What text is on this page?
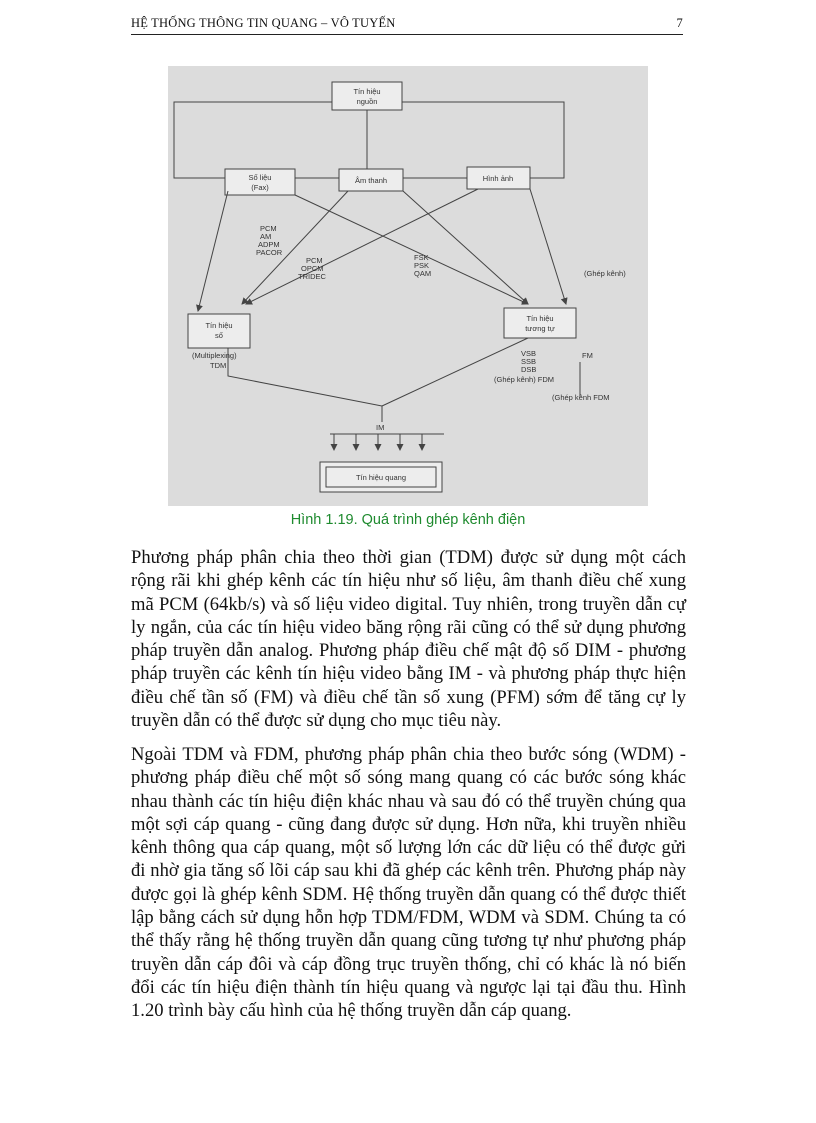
HỆ THỐNG THÔNG TIN QUANG – VÔ TUYẾN	7
Tín hiệu
nguồn
Số liệu
(Fax)
Âm thanh	Hình ảnh
PCM
AM
ADPM
PACOR
PCM
OPCM
TRIDEC
FSK
PSK
QAM	(Ghép kênh)
Tín hiệu
số
Tín hiệu
tương tự
(Multiplexing)
TDM
VSB
SSB
DSB
(Ghép kênh) FDM
FM
(Ghép kênh FDM
IM
Tín hiệu quang
Hình 1.19. Quá trình ghép kênh điện

Phương pháp phân chia theo thời gian (TDM) được sử dụng một cách rộng rãi khi ghép kênh các tín hiệu như số liệu, âm thanh điều chế xung mã PCM (64kb/s) và số liệu video digital. Tuy nhiên, trong truyền dẫn cự ly ngắn, của các tín hiệu video băng rộng rãi cũng có thể sử dụng phương pháp truyền dẫn analog. Phương pháp điều chế mật độ số DIM - phương pháp truyền các kênh tín hiệu video bằng IM - và phương pháp thực hiện điều chế tần số (FM) và điều chế tần số xung (PFM) sớm để tăng cự ly truyền dẫn có thể được sử dụng cho mục tiêu này.

Ngoài TDM và FDM, phương pháp phân chia theo bước sóng (WDM) - phương pháp điều chế một số sóng mang quang có các bước sóng khác nhau thành các tín hiệu điện khác nhau và sau đó có thể truyền chúng qua một sợi cáp quang - cũng đang được sử dụng. Hơn nữa, khi truyền nhiều kênh thông qua cáp quang, một số lượng lớn các dữ liệu có thể được gửi đi nhờ gia tăng số lõi cáp sau khi đã ghép các kênh trên. Phương pháp này được gọi là ghép kênh SDM. Hệ thống truyền dẫn quang có thể được thiết lập bằng cách sử dụng hỗn hợp TDM/FDM, WDM và SDM. Chúng ta có thể thấy rằng hệ thống truyền dẫn quang cũng tương tự như phương pháp truyền dẫn cáp đôi và cáp đồng trục truyền thống, chỉ có khác là nó biến đổi các tín hiệu điện thành tín hiệu quang và ngược lại tại đầu thu. Hình 1.20 trình bày cấu hình của hệ thống truyền dẫn cáp quang.
